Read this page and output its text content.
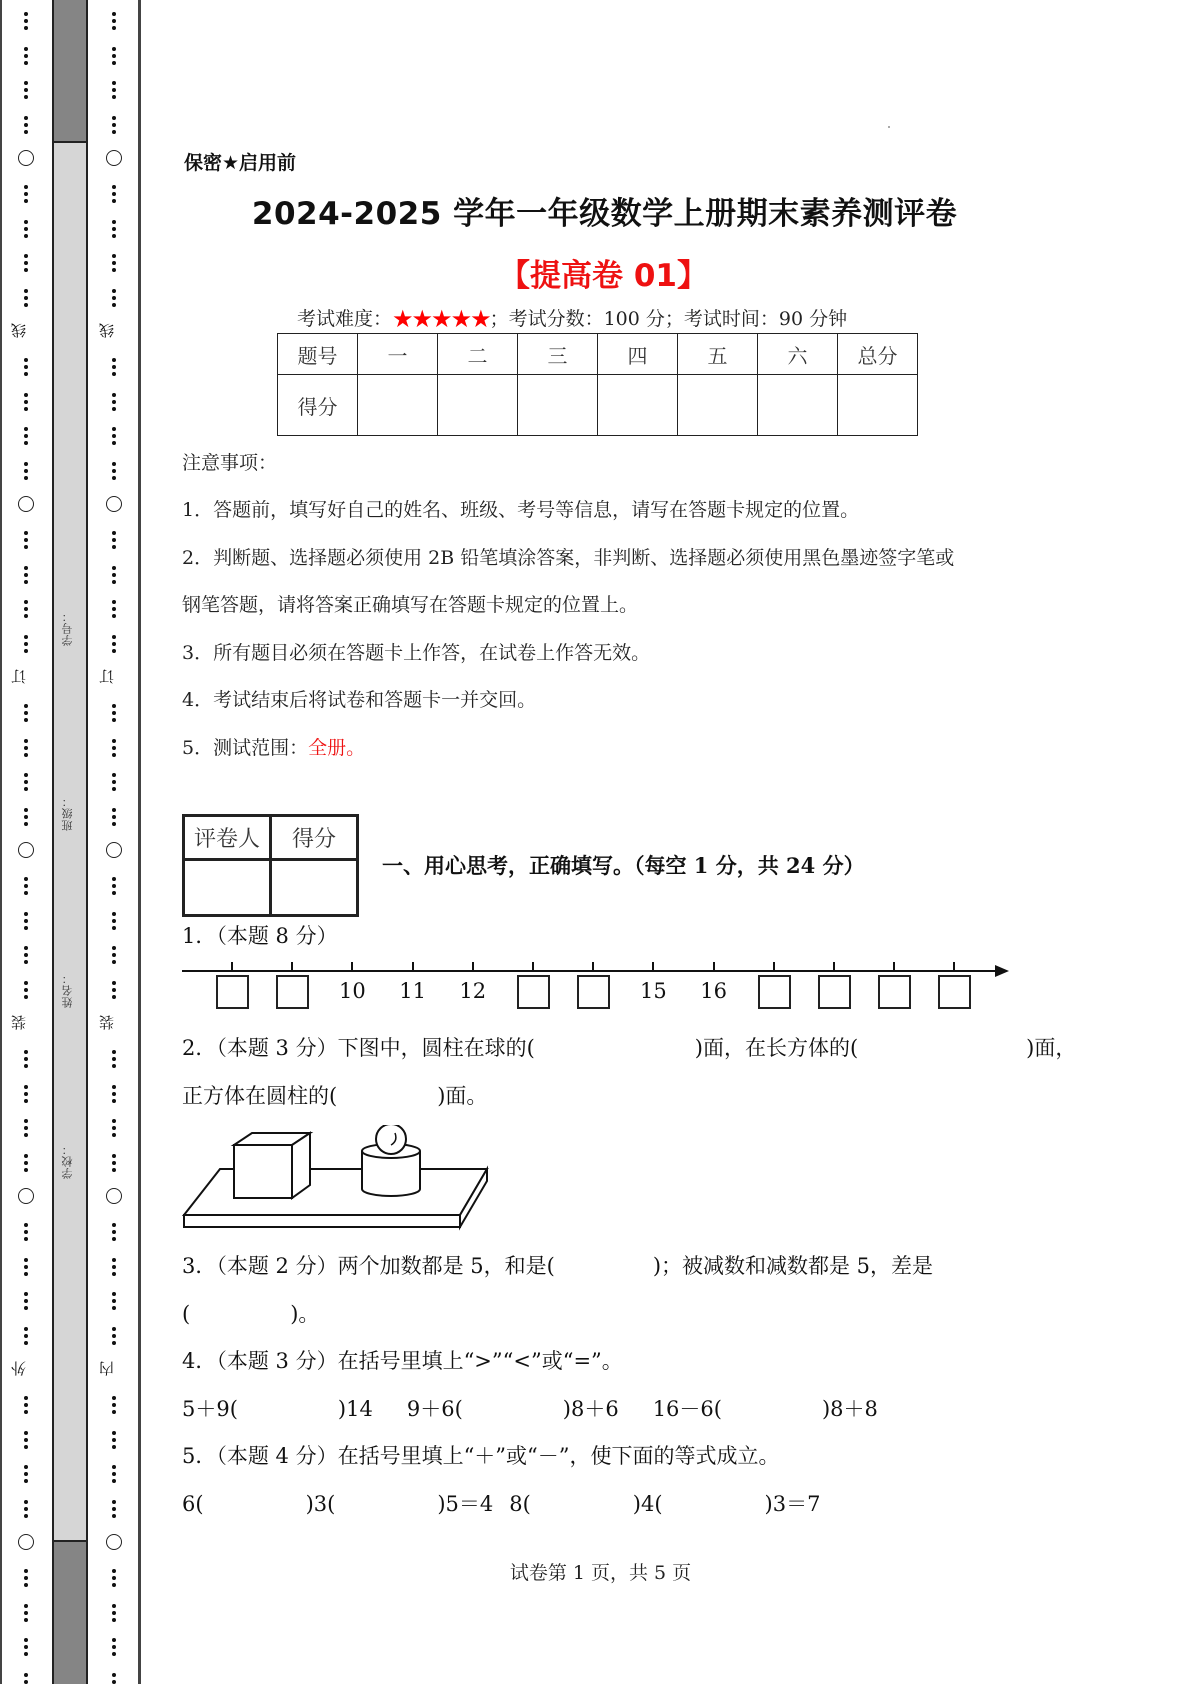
线
订
装
外
学号：
班级：
姓名：
学校：
线
订
装
内
保密★启用前
2024-2025 学年一年级数学上册期末素养测评卷
【提高卷 01】
考试难度：★★★★★；考试分数：100 分；考试时间：90 分钟
题号	一	二	三	四	五	六	总分
得分							

注意事项：

1．答题前，填写好自己的姓名、班级、考号等信息，请写在答题卡规定的位置。

2．判断题、选择题必须使用 2B 铅笔填涂答案，非判断、选择题必须使用黑色墨迹签字笔或

钢笔答题，请将答案正确填写在答题卡规定的位置上。

3．所有题目必须在答题卡上作答，在试卷上作答无效。

4．考试结束后将试卷和答题卡一并交回。

5．测试范围：全册。

评卷人	得分

一、用心思考，正确填写。（每空 1 分，共 24 分）
1．（本题 8 分）
10	11	12	15	16
2．（本题 3 分）下图中，圆柱在球的(	)面，在长方体的(	)面，
正方体在圆柱的(	)面。
3．（本题 2 分）两个加数都是 5，和是(	)；被减数和减数都是 5，差是
(	)。
4．（本题 3 分）在括号里填上“>”“<”或“=”。
5＋9(	)14 9＋6(	)8＋6 16－6(	)8＋8
5．（本题 4 分）在括号里填上“＋”或“－”，使下面的等式成立。
6(	)3(	)5＝4 8(	)4(	)3＝7
试卷第 1 页，共 5 页
